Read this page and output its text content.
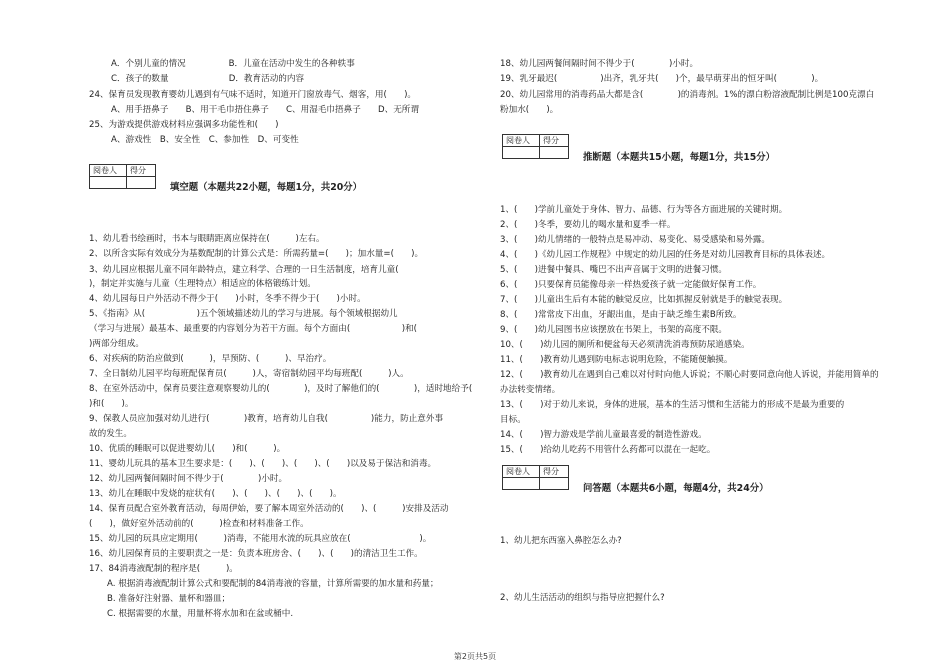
A．个别儿童的情况　　　　　B．儿童在活动中发生的各种轶事
C．孩子的数量　　　　　　　D．教育活动的内容
24、保育员发现教育婴幼儿遇到有气味不适时，知道开门窗放毒气、烟客，用(　　)。
A、用手捂鼻子　　B、用干毛巾捂住鼻子　　C、用湿毛巾捂鼻子　　D、无所谓
25、为游戏提供游戏材料应强调多功能性和(　　)
A、游戏性　B、安全性　C、参加性　D、可变性
阅卷人	得分

填空题（本题共22小题，每题1分，共20分）
1、幼儿看书绘画时，书本与眼睛距离应保持在(　　　)左右。
2、以所含实际有效成分为基数配制的计算公式是：所需药量=(　　)；加水量=(　　)。
3、幼儿园应根据儿童不同年龄特点，建立科学、合理的一日生活制度，培育儿童(
)，制定并实施与儿童（生理特点）相适应的体格锻练计划。
4、幼儿园每日户外活动不得少于(　　)小时，冬季不得少于(　　)小时。
5、《指南》从(　　　　　　)五个领域描述幼儿的学习与进展。每个领域根据幼儿
（学习与进展）最基本、最重要的内容划分为若干方面。每个方面由(　　　　　　)和(
)两部分组成。
6、对疾病的防治应做到(　　　)，早预防、(　　　)、早治疗。
7、全日制幼儿园平均每班配保育员(　　　)人，寄宿制幼园平均每班配(　　　)人。
8、在室外活动中，保育员要注意观察婴幼儿的(　　　　)，及时了解他们的(　　　　)，适时地给予(
)和(　　)。
9、保教人员应加强对幼儿进行(　　　　)教育，培育幼儿自我(　　　　　)能力，防止意外事
故的发生。
10、优质的睡眠可以促进婴幼儿(　　)和(　　　)。
11、婴幼儿玩具的基本卫生要求是：(　　)、(　　)、(　　)、(　　)以及易于保洁和消毒。
12、幼儿园两餐间隔时间不得少于(　　　　)小时。
13、幼儿在睡眠中发烧的症状有(　　)、(　　)、(　　)、(　　)。
14、保育员配合室外教育活动，每周伊始，要了解本周室外活动的(　　)、(　　　)安排及活动
(　　)，做好室外活动前的(　　　)检查和材料准备工作。
15、幼儿园的玩具应定期用(　　　)消毒，不能用水流的玩具应放在(　　　　　　　　)。
16、幼儿园保育员的主要职责之一是：负责本班房舍、(　　)、(　　)的清洁卫生工作。
17、84消毒液配制的程序是(　　　)。
A. 根据消毒液配制计算公式和要配制的84消毒液的容量，计算所需要的加水量和药量；
B. 准备好注射器、量杯和器皿；
C. 根据需要的水量，用量杯将水加和在盆或桶中.
18、幼儿园两餐间隔时间不得少于(　　　　)小时。
19、乳牙最迟(　　　　　)出齐，乳牙共(　　)个，最早萌芽出的恒牙叫(　　　　)。
20、幼儿园常用的消毒药品大都是含(　　　　)的消毒剂。1%的漂白粉溶液配制比例是100克漂白
粉加水(　　)。
阅卷人	得分

推断题（本题共15小题，每题1分，共15分）
1、(　　)学前儿童处于身体、智力、品德、行为等各方面进展的关键时期。
2、(　　)冬季，要幼儿的喝水量和夏季一样。
3、(　　)幼儿情绪的一般特点是易冲动、易变化、易受感染和易外露。
4、(　　)《幼儿园工作规程》中规定的幼儿园的任务是对幼儿园教育目标的具体表述。
5、(　　)进餐中餐具、嘴巴不出声音属于文明的进餐习惯。
6、(　　)只要保育员能像母亲一样热爱孩子就一定能做好保育工作。
7、(　　)儿童出生后有本能的触觉反应，比如抓握反射就是手的触觉表现。
8、(　　)常常皮下出血，牙龈出血，是由于缺乏维生素B所致。
9、(　　)幼儿园图书应该摆放在书架上，书架的高度不限。
10、(　　)幼儿园的厕所和便盆每天必须清洗消毒预防尿道感染。
11、(　　)教育幼儿遇到防电标志说明危险，不能随便触摸。
12、(　　)教育幼儿在遇到自己难以对付时向他人诉说；不顺心时要同意向他人诉说，并能用简单的
办法转变情绪。
13、(　　)对于幼儿来说，身体的进展，基本的生活习惯和生活能力的形成不是最为重要的
目标。
14、(　　)智力游戏是学前儿童最喜爱的制造性游戏。
15、(　　)给幼儿吃药不用管什么药都可以混在一起吃。
阅卷人	得分

问答题（本题共6小题，每题4分，共24分）
1、幼儿把东西塞入鼻腔怎么办?
2、幼儿生活活动的组织与指导应把握什么?
第2页共5页
